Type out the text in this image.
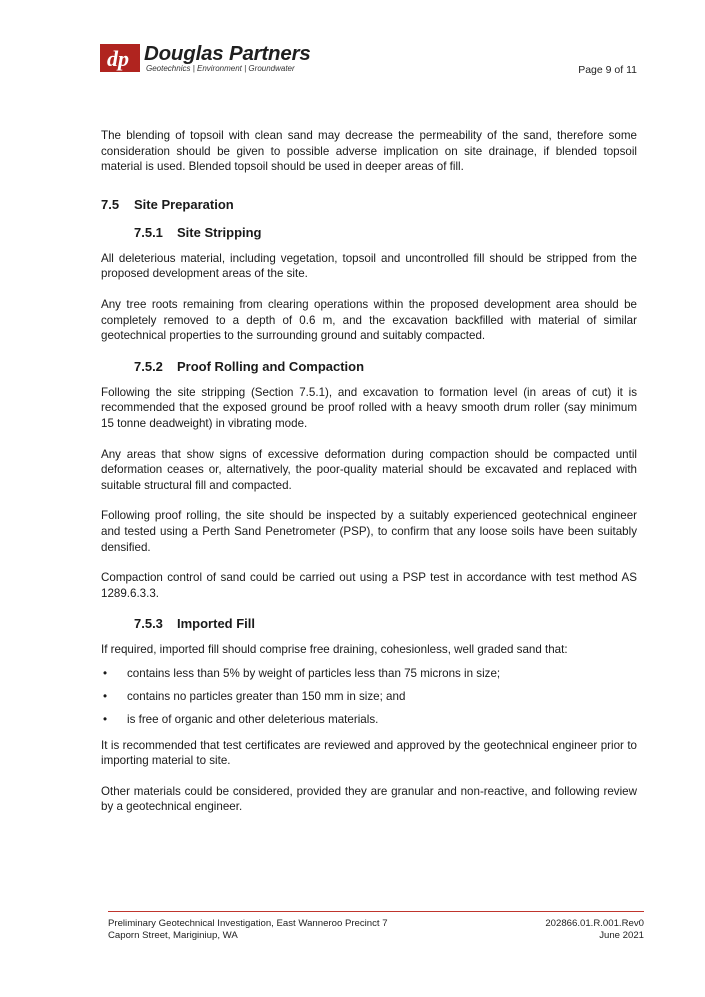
dp Douglas Partners
Geotechnics | Environment | Groundwater	Page 9 of 11

The blending of topsoil with clean sand may decrease the permeability of the sand, therefore some consideration should be given to possible adverse implication on site drainage, if blended topsoil material is used. Blended topsoil should be used in deeper areas of fill.

7.5 Site Preparation
7.5.1 Site Stripping

All deleterious material, including vegetation, topsoil and uncontrolled fill should be stripped from the proposed development areas of the site.

Any tree roots remaining from clearing operations within the proposed development area should be completely removed to a depth of 0.6 m, and the excavation backfilled with material of similar geotechnical properties to the surrounding ground and suitably compacted.

7.5.2 Proof Rolling and Compaction

Following the site stripping (Section 7.5.1), and excavation to formation level (in areas of cut) it is recommended that the exposed ground be proof rolled with a heavy smooth drum roller (say minimum 15 tonne deadweight) in vibrating mode.

Any areas that show signs of excessive deformation during compaction should be compacted until deformation ceases or, alternatively, the poor-quality material should be excavated and replaced with suitable structural fill and compacted.

Following proof rolling, the site should be inspected by a suitably experienced geotechnical engineer and tested using a Perth Sand Penetrometer (PSP), to confirm that any loose soils have been suitably densified.

Compaction control of sand could be carried out using a PSP test in accordance with test method AS 1289.6.3.3.

7.5.3 Imported Fill

If required, imported fill should comprise free draining, cohesionless, well graded sand that:

• contains less than 5% by weight of particles less than 75 microns in size;
• contains no particles greater than 150 mm in size; and
• is free of organic and other deleterious materials.

It is recommended that test certificates are reviewed and approved by the geotechnical engineer prior to importing material to site.

Other materials could be considered, provided they are granular and non-reactive, and following review by a geotechnical engineer.

Preliminary Geotechnical Investigation, East Wanneroo Precinct 7
Caporn Street, Mariginiup, WA
202866.01.R.001.Rev0
June 2021
